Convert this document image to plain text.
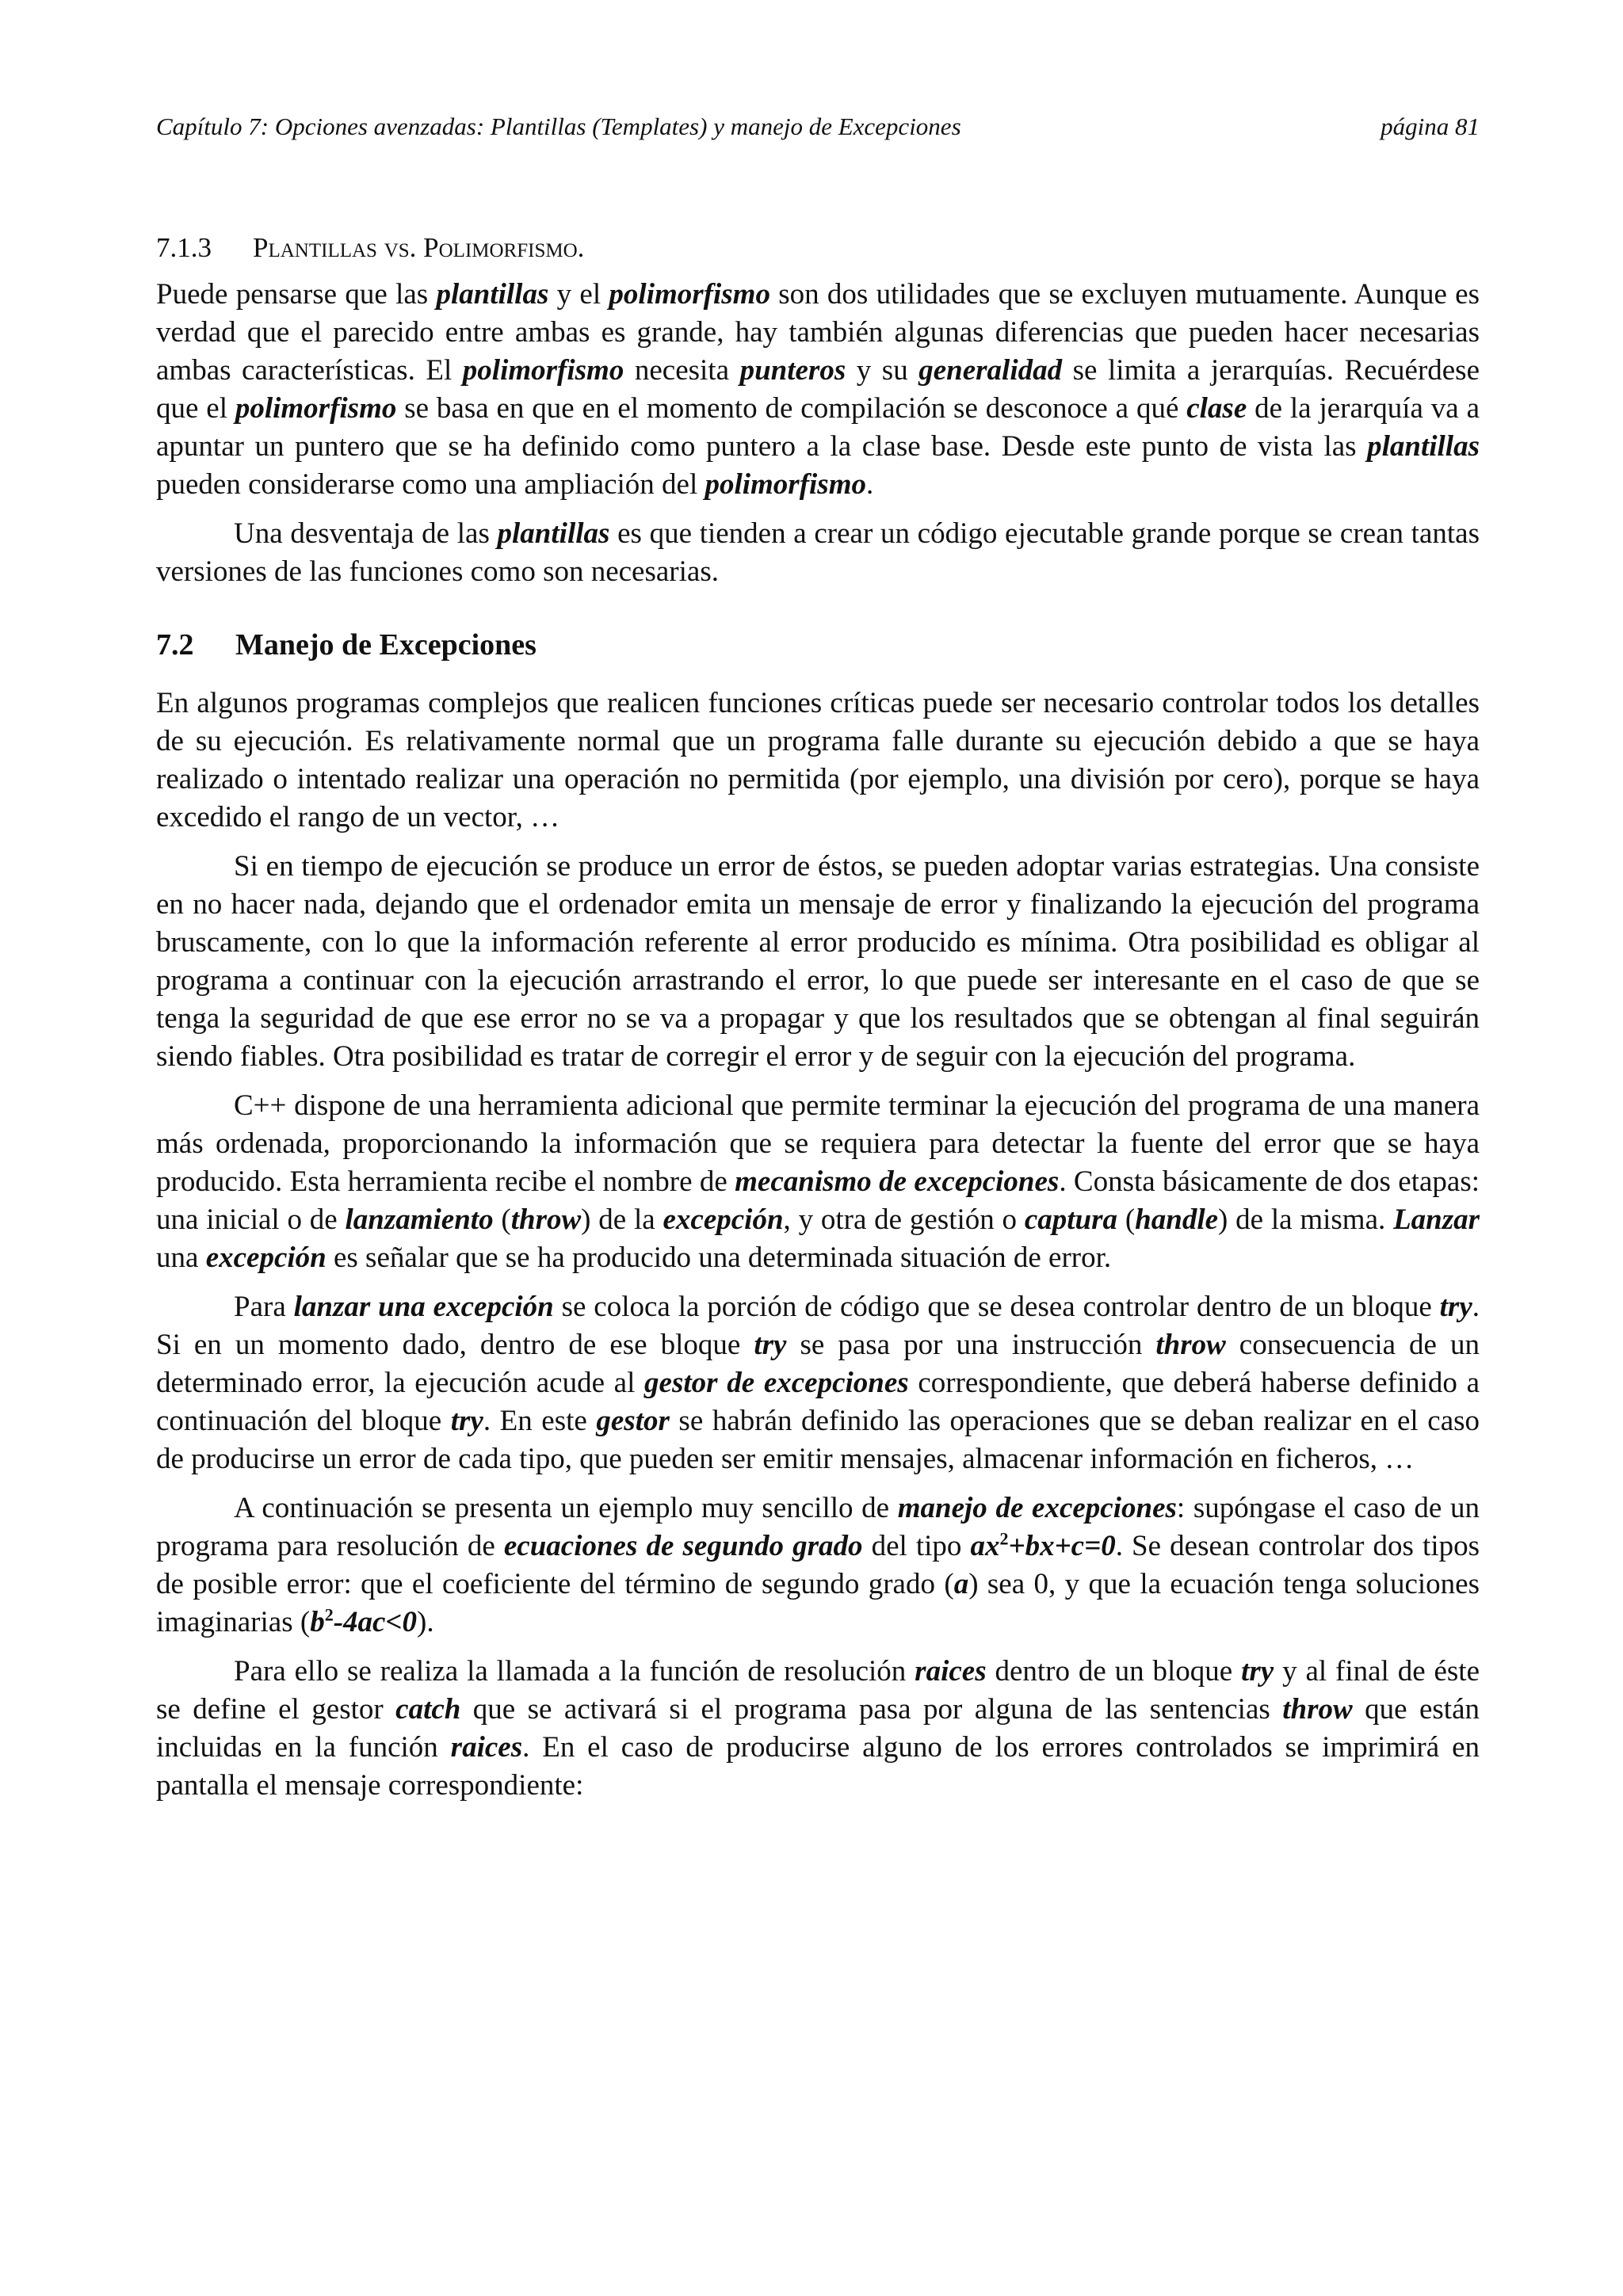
Capítulo 7: Opciones avenzadas: Plantillas (Templates) y manejo de Excepciones	página 81
7.1.3 Plantillas vs. Polimorfismo.

Puede pensarse que las plantillas y el polimorfismo son dos utilidades que se excluyen mutuamente. Aunque es verdad que el parecido entre ambas es grande, hay también algunas diferencias que pueden hacer necesarias ambas características. El polimorfismo necesita punteros y su generalidad se limita a jerarquías. Recuérdese que el polimorfismo se basa en que en el momento de compilación se desconoce a qué clase de la jerarquía va a apuntar un puntero que se ha definido como puntero a la clase base. Desde este punto de vista las plantillas pueden considerarse como una ampliación del polimorfismo.

Una desventaja de las plantillas es que tienden a crear un código ejecutable grande porque se crean tantas versiones de las funciones como son necesarias.

7.2 Manejo de Excepciones

En algunos programas complejos que realicen funciones críticas puede ser necesario controlar todos los detalles de su ejecución. Es relativamente normal que un programa falle durante su ejecución debido a que se haya realizado o intentado realizar una operación no permitida (por ejemplo, una división por cero), porque se haya excedido el rango de un vector, …

Si en tiempo de ejecución se produce un error de éstos, se pueden adoptar varias estrategias. Una consiste en no hacer nada, dejando que el ordenador emita un mensaje de error y finalizando la ejecución del programa bruscamente, con lo que la información referente al error producido es mínima. Otra posibilidad es obligar al programa a continuar con la ejecución arrastrando el error, lo que puede ser interesante en el caso de que se tenga la seguridad de que ese error no se va a propagar y que los resultados que se obtengan al final seguirán siendo fiables. Otra posibilidad es tratar de corregir el error y de seguir con la ejecución del programa.

C++ dispone de una herramienta adicional que permite terminar la ejecución del programa de una manera más ordenada, proporcionando la información que se requiera para detectar la fuente del error que se haya producido. Esta herramienta recibe el nombre de mecanismo de excepciones. Consta básicamente de dos etapas: una inicial o de lanzamiento (throw) de la excepción, y otra de gestión o captura (handle) de la misma. Lanzar una excepción es señalar que se ha producido una determinada situación de error.

Para lanzar una excepción se coloca la porción de código que se desea controlar dentro de un bloque try. Si en un momento dado, dentro de ese bloque try se pasa por una instrucción throw consecuencia de un determinado error, la ejecución acude al gestor de excepciones correspondiente, que deberá haberse definido a continuación del bloque try. En este gestor se habrán definido las operaciones que se deban realizar en el caso de producirse un error de cada tipo, que pueden ser emitir mensajes, almacenar información en ficheros, …

A continuación se presenta un ejemplo muy sencillo de manejo de excepciones: supóngase el caso de un programa para resolución de ecuaciones de segundo grado del tipo $ax^2+bx+c=0$. Se desean controlar dos tipos de posible error: que el coeficiente del término de segundo grado (a) sea 0, y que la ecuación tenga soluciones imaginarias $(b^2-4ac<0)$.

Para ello se realiza la llamada a la función de resolución raices dentro de un bloque try y al final de éste se define el gestor catch que se activará si el programa pasa por alguna de las sentencias throw que están incluidas en la función raices. En el caso de producirse alguno de los errores controlados se imprimirá en pantalla el mensaje correspondiente:
